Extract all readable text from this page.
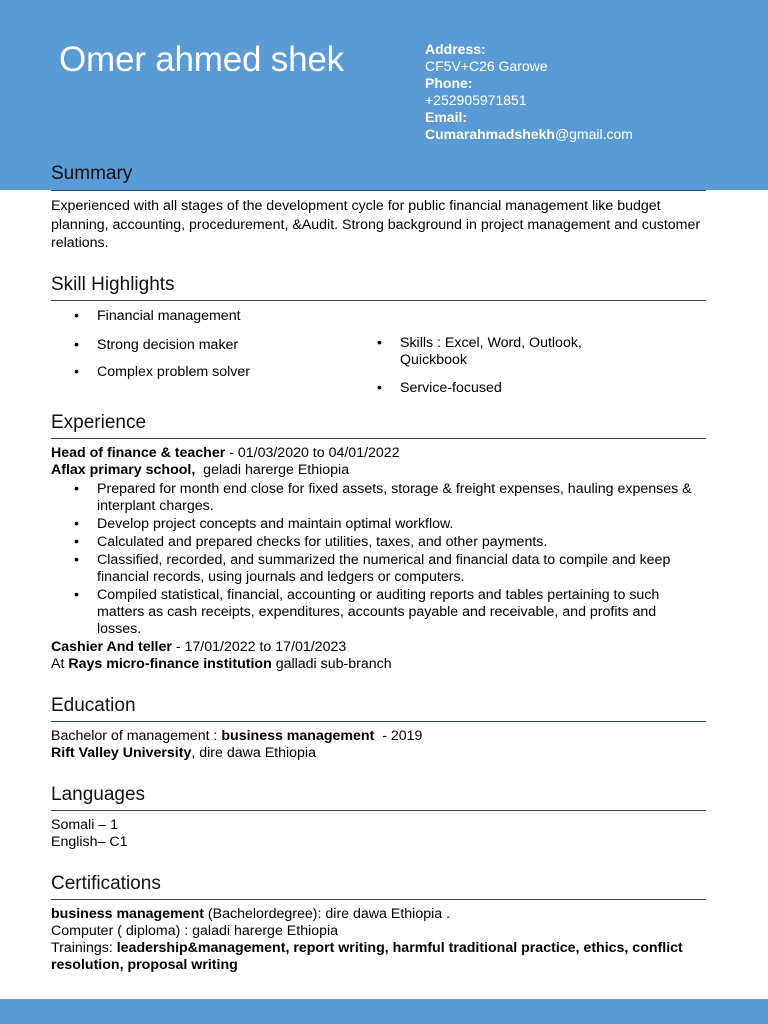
Omer ahmed shek	Address:
CF5V+C26 Garowe
Phone:
+252905971851
Email:
Cumarahmadshekh@gmail.com
Summary
Experienced with all stages of the development cycle for public financial management like budget planning, accounting, procedurement, &Audit. Strong background in project management and customer relations.
Skill Highlights
•	Financial management
•	Strong decision maker
•	Complex problem solver
•	Skills : Excel, Word, Outlook, Quickbook
•	Service-focused
Experience
Head of finance & teacher - 01/03/2020 to 04/01/2022
Aflax primary school,  geladi harerge Ethiopia
•	Prepared for month end close for fixed assets, storage & freight expenses, hauling expenses & interplant charges.
•	Develop project concepts and maintain optimal workflow.
•	Calculated and prepared checks for utilities, taxes, and other payments.
•	Classified, recorded, and summarized the numerical and financial data to compile and keep financial records, using journals and ledgers or computers.
•	Compiled statistical, financial, accounting or auditing reports and tables pertaining to such matters as cash receipts, expenditures, accounts payable and receivable, and profits and losses.
Cashier And teller - 17/01/2022 to 17/01/2023
At Rays micro-finance institution galladi sub-branch
Education
Bachelor of management : business management  - 2019
Rift Valley University, dire dawa Ethiopia
Languages
Somali – 1
English– C1
Certifications
business management (Bachelordegree): dire dawa Ethiopia .
Computer ( diploma) : galadi harerge Ethiopia
Trainings: leadership&management, report writing, harmful traditional practice, ethics, conflict resolution, proposal writing
